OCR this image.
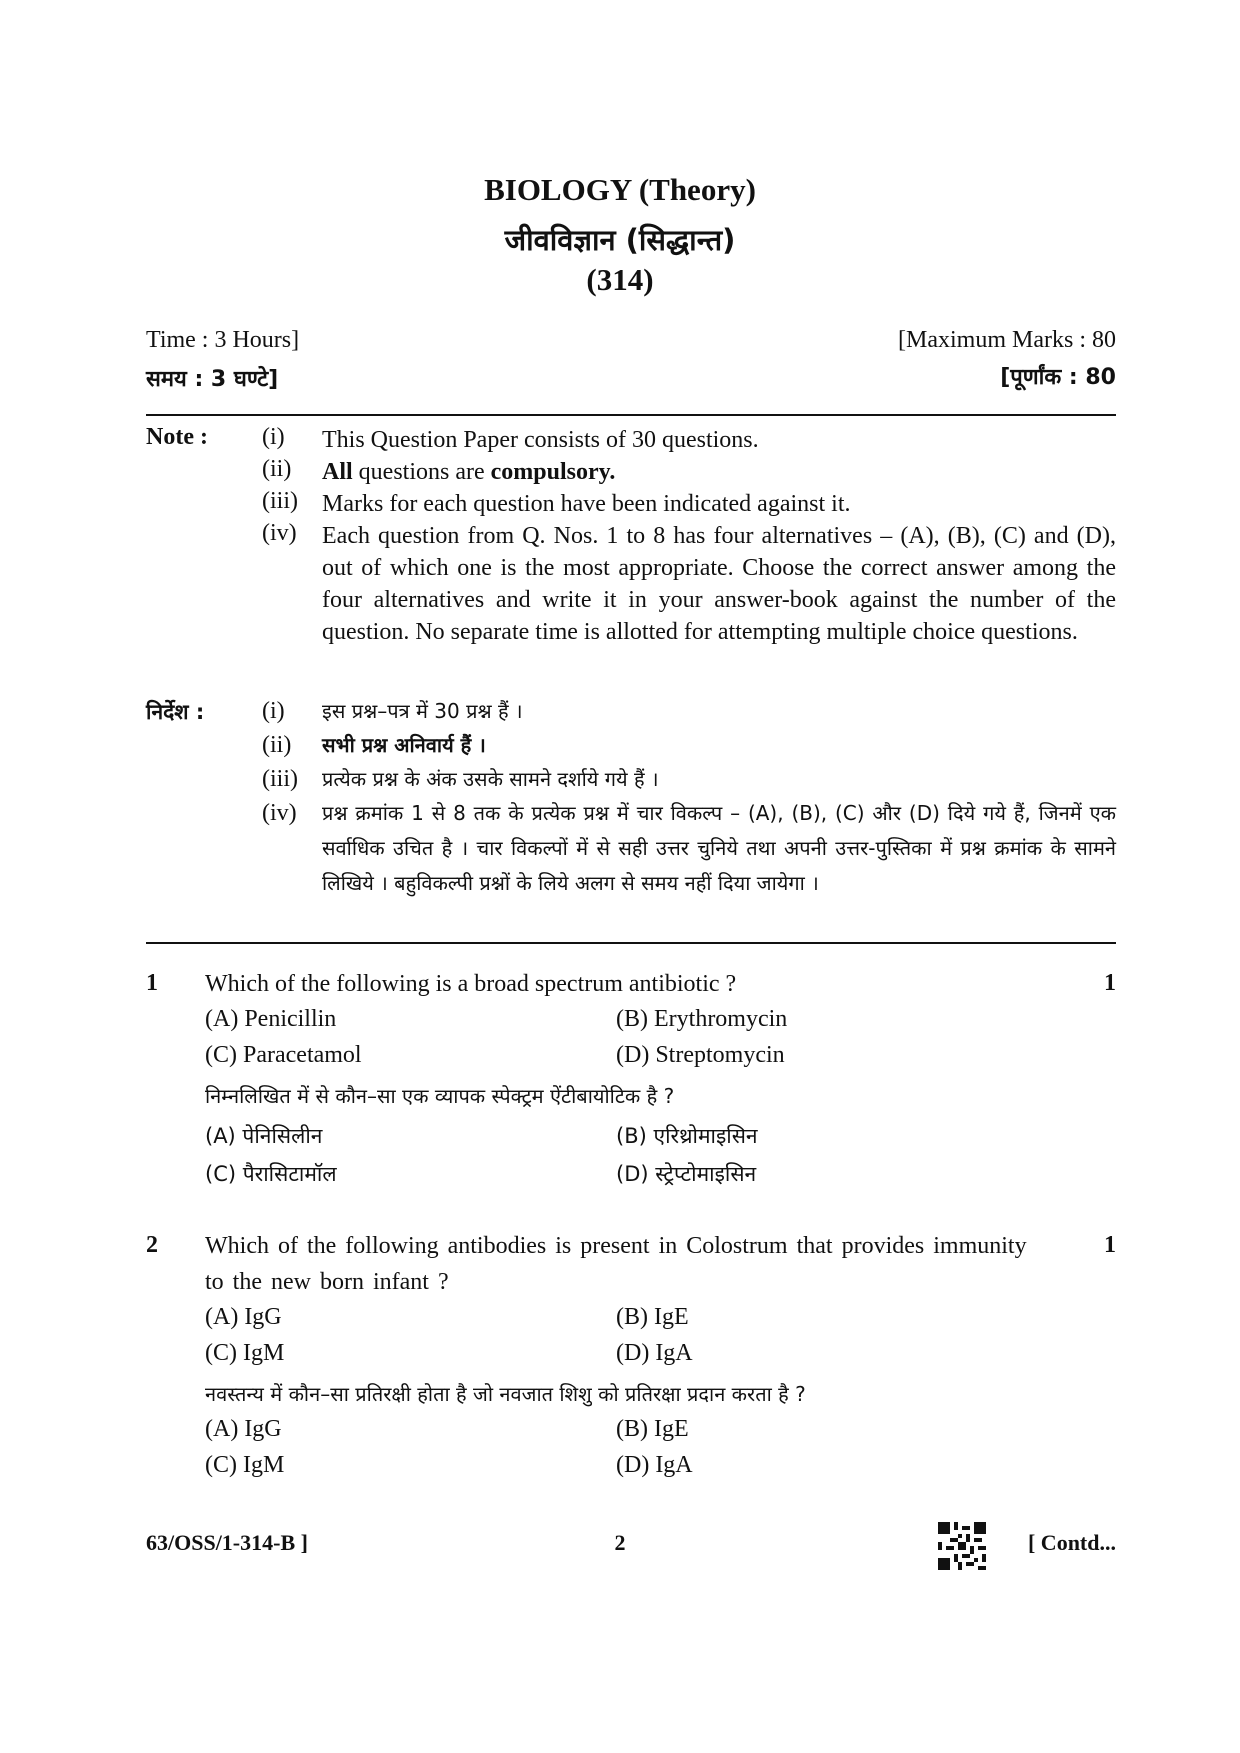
BIOLOGY (Theory)
जीवविज्ञान (सिद्धान्त)
(314)
Time : 3 Hours]
समय : 3 घण्टे]
[Maximum Marks : 80
[पूर्णांक : 80
Note : (i) This Question Paper consists of 30 questions.
(ii) All questions are compulsory.
(iii) Marks for each question have been indicated against it.
(iv) Each question from Q. Nos. 1 to 8 has four alternatives – (A), (B), (C) and (D), out of which one is the most appropriate. Choose the correct answer among the four alternatives and write it in your answer-book against the number of the question. No separate time is allotted for attempting multiple choice questions.
निर्देश : (i) इस प्रश्न–पत्र में 30 प्रश्न हैं ।
(ii) सभी प्रश्न अनिवार्य हैं ।
(iii) प्रत्येक प्रश्न के अंक उसके सामने दर्शाये गये हैं ।
(iv) प्रश्न क्रमांक 1 से 8 तक के प्रत्येक प्रश्न में चार विकल्प – (A), (B), (C) और (D) दिये गये हैं, जिनमें एक सर्वाधिक उचित है । चार विकल्पों में से सही उत्तर चुनिये तथा अपनी उत्तर-पुस्तिका में प्रश्न क्रमांक के सामने लिखिये । बहुविकल्पी प्रश्नों के लिये अलग से समय नहीं दिया जायेगा ।
1 Which of the following is a broad spectrum antibiotic ?	1
(A) Penicillin	(B) Erythromycin
(C) Paracetamol	(D) Streptomycin
निम्नलिखित में से कौन–सा एक व्यापक स्पेक्ट्रम ऐंटीबायोटिक है ?
(A) पेनिसिलीन	(B) एरिथ्रोमाइसिन
(C) पैरासिटामॉल	(D) स्ट्रेप्टोमाइसिन
2 Which of the following antibodies is present in Colostrum that provides immunity to the new born infant ?
1
(A) IgG	(B) IgE
(C) IgM	(D) IgA
नवस्तन्य में कौन–सा प्रतिरक्षी होता है जो नवजात शिशु को प्रतिरक्षा प्रदान करता है ?
(A) IgG	(B) IgE
(C) IgM	(D) IgA
63/OSS/1-314-B ]	2	[ Contd...
